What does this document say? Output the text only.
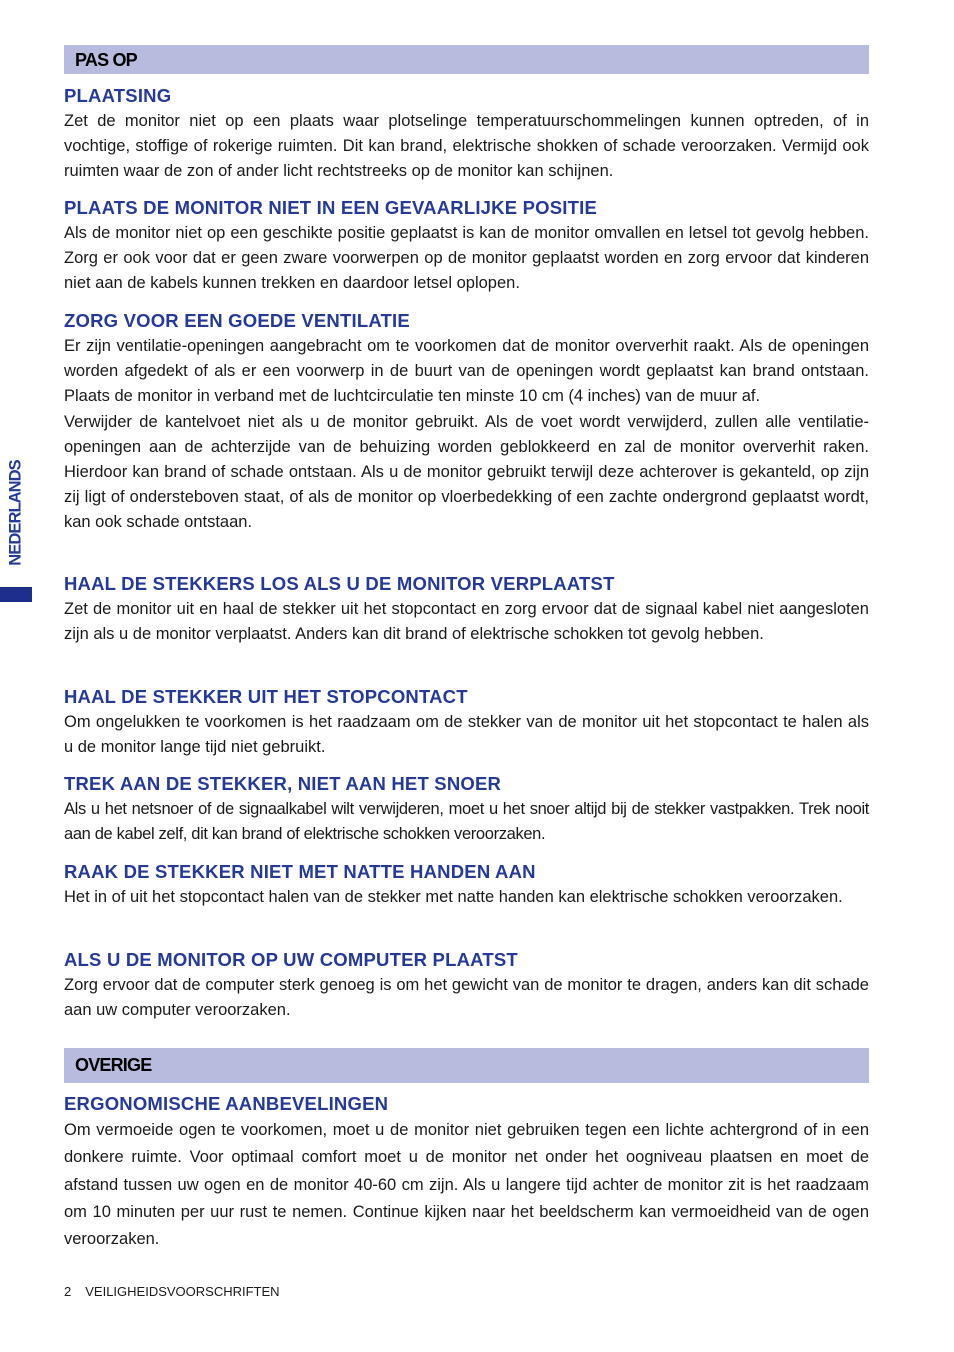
NEDERLANDS
PAS OP
PLAATSING
Zet de monitor niet op een plaats waar plotselinge temperatuurschommelingen kunnen optreden, of in vochtige, stoffige of rokerige ruimten. Dit kan brand, elektrische shokken of schade veroorzaken. Vermijd ook ruimten waar de zon of ander licht rechtstreeks op de monitor kan schijnen.
PLAATS DE MONITOR NIET IN EEN GEVAARLIJKE POSITIE
Als de monitor niet op een geschikte positie geplaatst is kan de monitor omvallen en letsel tot gevolg hebben. Zorg er ook voor dat er geen zware voorwerpen op de monitor geplaatst worden en zorg ervoor dat kinderen niet aan de kabels kunnen trekken en daardoor letsel oplopen.
ZORG VOOR EEN GOEDE VENTILATIE
Er zijn ventilatie-openingen aangebracht om te voorkomen dat de monitor oververhit raakt. Als de openingen worden afgedekt of als er een voorwerp in de buurt van de openingen wordt geplaatst kan brand ontstaan. Plaats de monitor in verband met de luchtcirculatie ten minste 10 cm (4 inches) van de muur af.
Verwijder de kantelvoet niet als u de monitor gebruikt. Als de voet wordt verwijderd, zullen alle ventilatie-openingen aan de achterzijde van de behuizing worden geblokkeerd en zal de monitor oververhit raken. Hierdoor kan brand of schade ontstaan. Als u de monitor gebruikt terwijl deze achterover is gekanteld, op zijn zij ligt of ondersteboven staat, of als de monitor op vloerbedekking of een zachte ondergrond geplaatst wordt, kan ook schade ontstaan.
HAAL DE STEKKERS LOS ALS U DE MONITOR VERPLAATST
Zet de monitor uit en haal de stekker uit het stopcontact en zorg ervoor dat de signaal kabel niet aangesloten zijn als u de monitor verplaatst. Anders kan dit brand of elektrische schokken tot gevolg hebben.
HAAL DE STEKKER UIT HET STOPCONTACT
Om ongelukken te voorkomen is het raadzaam om de stekker van de monitor uit het stopcontact te halen als u de monitor lange tijd niet gebruikt.
TREK AAN DE STEKKER, NIET AAN HET SNOER
Als u het netsnoer of de signaalkabel wilt verwijderen, moet u het snoer altijd bij de stekker vastpakken. Trek nooit aan de kabel zelf, dit kan brand of elektrische schokken veroorzaken.
RAAK DE STEKKER NIET MET NATTE HANDEN AAN
Het in of uit het stopcontact halen van de stekker met natte handen kan elektrische schokken veroorzaken.
ALS U DE MONITOR OP UW COMPUTER PLAATST
Zorg ervoor dat de computer sterk genoeg is om het gewicht van de monitor te dragen, anders kan dit schade aan uw computer veroorzaken.
OVERIGE
ERGONOMISCHE AANBEVELINGEN
Om vermoeide ogen te voorkomen, moet u de monitor niet gebruiken tegen een lichte achtergrond of in een donkere ruimte. Voor optimaal comfort moet u de monitor net onder het oogniveau plaatsen en moet de afstand tussen uw ogen en de monitor 40-60 cm zijn. Als u langere tijd achter de monitor zit is het raadzaam om 10 minuten per uur rust te nemen. Continue kijken naar het beeldscherm kan vermoeidheid van de ogen veroorzaken.
2 VEILIGHEIDSVOORSCHRIFTEN
